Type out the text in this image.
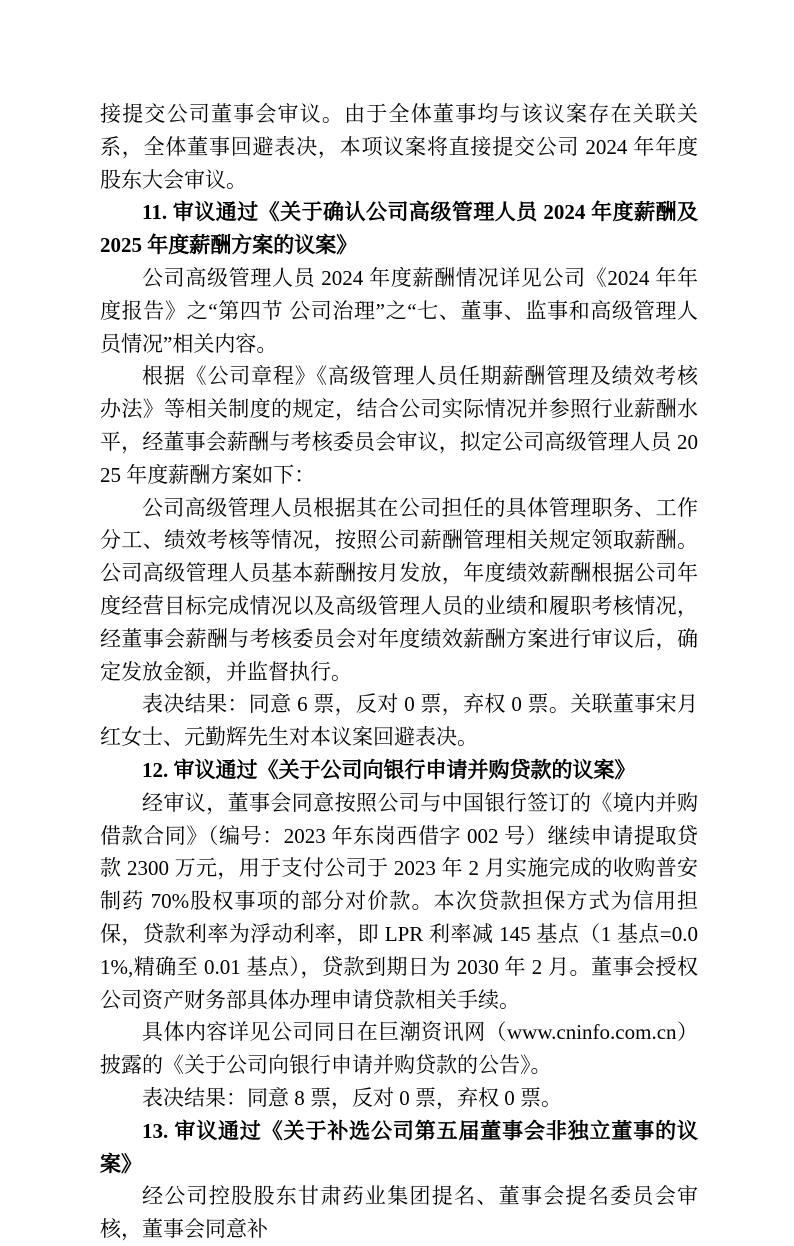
接提交公司董事会审议。由于全体董事均与该议案存在关联关系，全体董事回避表决，本项议案将直接提交公司 2024 年年度股东大会审议。

11. 审议通过《关于确认公司高级管理人员 2024 年度薪酬及 2025 年度薪酬方案的议案》

公司高级管理人员 2024 年度薪酬情况详见公司《2024 年年度报告》之“第四节 公司治理”之“七、董事、监事和高级管理人员情况”相关内容。

根据《公司章程》《高级管理人员任期薪酬管理及绩效考核办法》等相关制度的规定，结合公司实际情况并参照行业薪酬水平，经董事会薪酬与考核委员会审议，拟定公司高级管理人员 2025 年度薪酬方案如下：

公司高级管理人员根据其在公司担任的具体管理职务、工作分工、绩效考核等情况，按照公司薪酬管理相关规定领取薪酬。公司高级管理人员基本薪酬按月发放，年度绩效薪酬根据公司年度经营目标完成情况以及高级管理人员的业绩和履职考核情况，经董事会薪酬与考核委员会对年度绩效薪酬方案进行审议后，确定发放金额，并监督执行。

表决结果：同意 6 票，反对 0 票，弃权 0 票。关联董事宋月红女士、元勤辉先生对本议案回避表决。

12. 审议通过《关于公司向银行申请并购贷款的议案》

经审议，董事会同意按照公司与中国银行签订的《境内并购借款合同》（编号：2023 年东岗西借字 002 号）继续申请提取贷款 2300 万元，用于支付公司于 2023 年 2 月实施完成的收购普安制药 70%股权事项的部分对价款。本次贷款担保方式为信用担保，贷款利率为浮动利率，即 LPR 利率减 145 基点（1 基点=0.01%,精确至 0.01 基点），贷款到期日为 2030 年 2 月。董事会授权公司资产财务部具体办理申请贷款相关手续。

具体内容详见公司同日在巨潮资讯网（www.cninfo.com.cn）披露的《关于公司向银行申请并购贷款的公告》。

表决结果：同意 8 票，反对 0 票，弃权 0 票。

13. 审议通过《关于补选公司第五届董事会非独立董事的议案》

经公司控股股东甘肃药业集团提名、董事会提名委员会审核，董事会同意补
